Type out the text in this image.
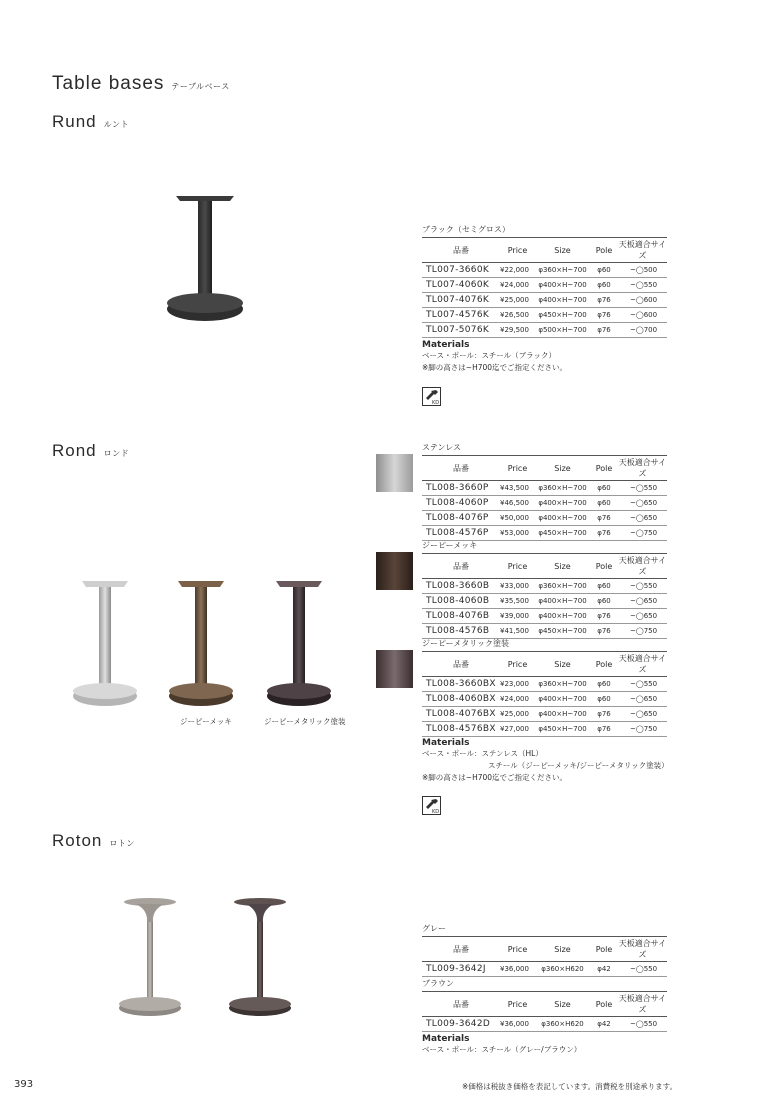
Table bases テーブルベース
Rund ルント
ブラック（セミグロス）
品番	Price	Size	Pole	天板適合サイズ
TL007-3660K	¥22,000	φ360×H~700	φ60	~◯500
TL007-4060K	¥24,000	φ400×H~700	φ60	~◯550
TL007-4076K	¥25,000	φ400×H~700	φ76	~◯600
TL007-4576K	¥26,500	φ450×H~700	φ76	~◯600
TL007-5076K	¥29,500	φ500×H~700	φ76	~◯700
Materials
ベース・ポール：スチール（ブラック）
※脚の高さは~H700迄でご指定ください。
KD
Rond ロンド
ジーピーメッキ	ジーピーメタリック塗装
ステンレス
品番	Price	Size	Pole	天板適合サイズ
TL008-3660P	¥43,500	φ360×H~700	φ60	~◯550
TL008-4060P	¥46,500	φ400×H~700	φ60	~◯650
TL008-4076P	¥50,000	φ400×H~700	φ76	~◯650
TL008-4576P	¥53,000	φ450×H~700	φ76	~◯750
ジーピーメッキ
品番	Price	Size	Pole	天板適合サイズ
TL008-3660B	¥33,000	φ360×H~700	φ60	~◯550
TL008-4060B	¥35,500	φ400×H~700	φ60	~◯650
TL008-4076B	¥39,000	φ400×H~700	φ76	~◯650
TL008-4576B	¥41,500	φ450×H~700	φ76	~◯750
ジーピーメタリック塗装
品番	Price	Size	Pole	天板適合サイズ
TL008-3660BX	¥23,000	φ360×H~700	φ60	~◯550
TL008-4060BX	¥24,000	φ400×H~700	φ60	~◯650
TL008-4076BX	¥25,000	φ400×H~700	φ76	~◯650
TL008-4576BX	¥27,000	φ450×H~700	φ76	~◯750
Materials
ベース・ポール：ステンレス（HL）
スチール（ジーピーメッキ/ジーピーメタリック塗装）
※脚の高さは~H700迄でご指定ください。
KD
Roton ロトン
グレー
品番	Price	Size	Pole	天板適合サイズ
TL009-3642J	¥36,000	φ360×H620	φ42	~◯550
ブラウン
品番	Price	Size	Pole	天板適合サイズ
TL009-3642D	¥36,000	φ360×H620	φ42	~◯550
Materials
ベース・ポール：スチール（グレー/ブラウン）
393	※価格は税抜き価格を表記しています。消費税を別途承ります。
